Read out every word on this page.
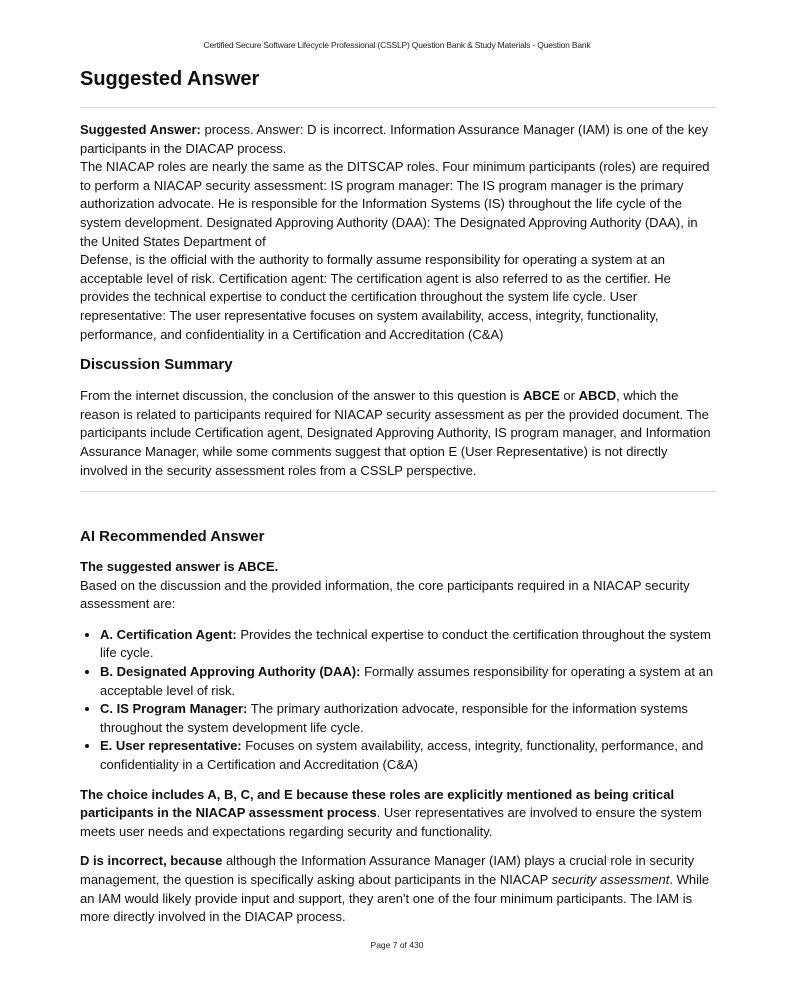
Certified Secure Software Lifecycle Professional (CSSLP) Question Bank & Study Materials - Question Bank
Suggested Answer

Suggested Answer: process. Answer: D is incorrect. Information Assurance Manager (IAM) is one of the key participants in the DIACAP process.

The NIACAP roles are nearly the same as the DITSCAP roles. Four minimum participants (roles) are required to perform a NIACAP security assessment: IS program manager: The IS program manager is the primary authorization advocate. He is responsible for the Information Systems (IS) throughout the life cycle of the system development. Designated Approving Authority (DAA): The Designated Approving Authority (DAA), in the United States Department of

Defense, is the official with the authority to formally assume responsibility for operating a system at an acceptable level of risk. Certification agent: The certification agent is also referred to as the certifier. He provides the technical expertise to conduct the certification throughout the system life cycle. User representative: The user representative focuses on system availability, access, integrity, functionality, performance, and confidentiality in a Certification and Accreditation (C&A)

Discussion Summary

From the internet discussion, the conclusion of the answer to this question is ABCE or ABCD, which the reason is related to participants required for NIACAP security assessment as per the provided document. The participants include Certification agent, Designated Approving Authority, IS program manager, and Information Assurance Manager, while some comments suggest that option E (User Representative) is not directly involved in the security assessment roles from a CSSLP perspective.

AI Recommended Answer

The suggested answer is ABCE.

Based on the discussion and the provided information, the core participants required in a NIACAP security assessment are:

• A. Certification Agent: Provides the technical expertise to conduct the certification throughout the system life cycle.
• B. Designated Approving Authority (DAA): Formally assumes responsibility for operating a system at an acceptable level of risk.
• C. IS Program Manager: The primary authorization advocate, responsible for the information systems throughout the system development life cycle.
• E. User representative: Focuses on system availability, access, integrity, functionality, performance, and confidentiality in a Certification and Accreditation (C&A)

The choice includes A, B, C, and E because these roles are explicitly mentioned as being critical participants in the NIACAP assessment process. User representatives are involved to ensure the system meets user needs and expectations regarding security and functionality.

D is incorrect, because although the Information Assurance Manager (IAM) plays a crucial role in security management, the question is specifically asking about participants in the NIACAP security assessment. While an IAM would likely provide input and support, they aren't one of the four minimum participants. The IAM is more directly involved in the DIACAP process.

Page 7 of 430
